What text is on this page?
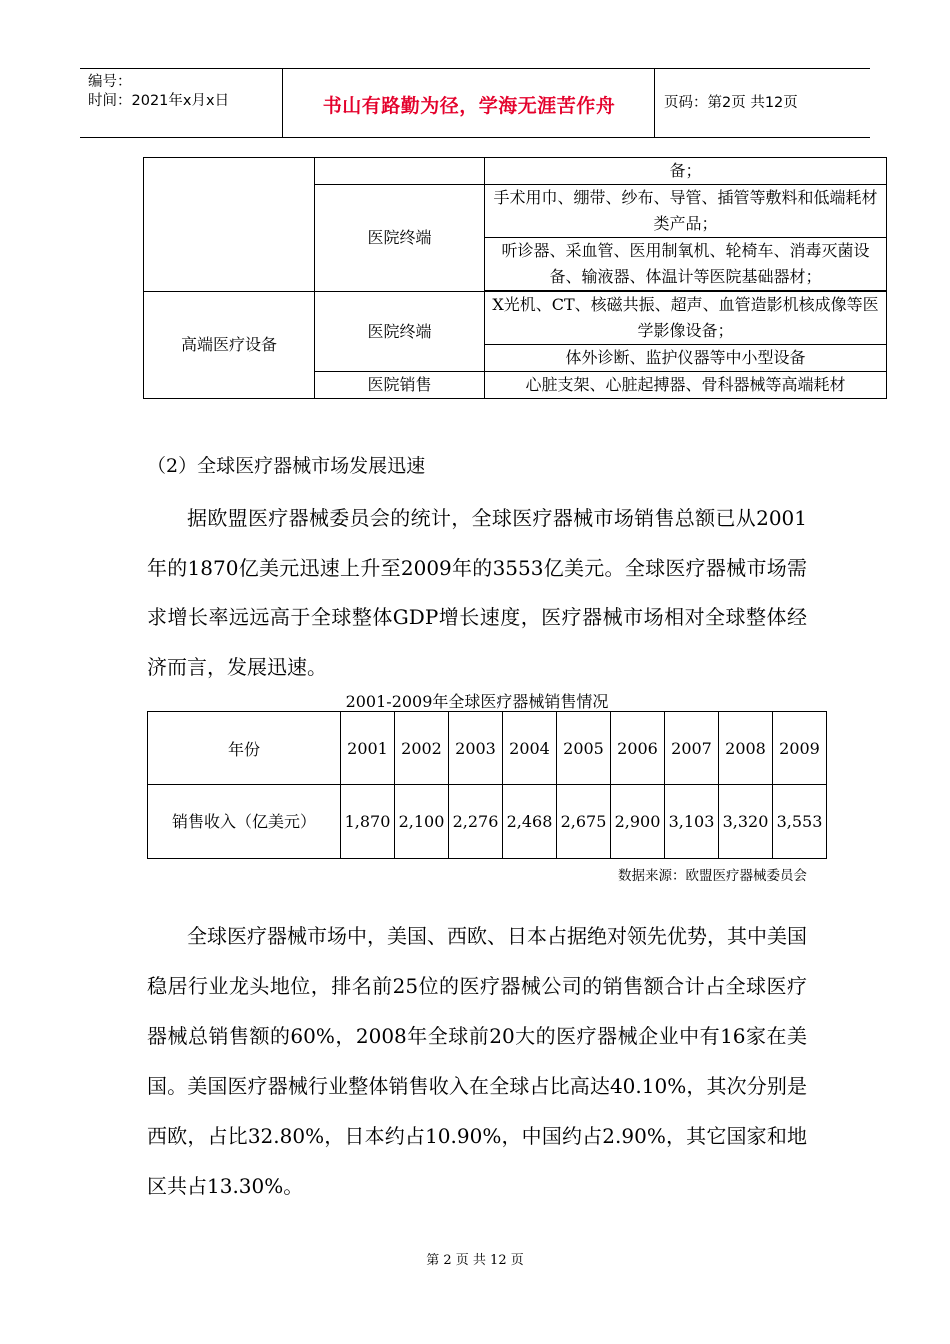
编号：
时间：2021年x月x日	书山有路勤为径，学海无涯苦作舟	页码：第2页 共12页
		备；
	医院终端	手术用巾、绷带、纱布、导管、插管等敷料和低端耗材类产品；
		听诊器、采血管、医用制氧机、轮椅车、消毒灭菌设备、输液器、体温计等医院基础器材；

高端医疗设备	医院终端	X光机、CT、核磁共振、超声、血管造影机核成像等医学影像设备；
		体外诊断、监护仪器等中小型设备
	医院销售	心脏支架、心脏起搏器、骨科器械等高端耗材
（2）全球医疗器械市场发展迅速

据欧盟医疗器械委员会的统计，全球医疗器械市场销售总额已从2001年的1870亿美元迅速上升至2009年的3553亿美元。全球医疗器械市场需求增长率远远高于全球整体GDP增长速度，医疗器械市场相对全球整体经济而言，发展迅速。

2001-2009年全球医疗器械销售情况
年份	2001	2002	2003	2004	2005	2006	2007	2008	2009
销售收入（亿美元）	1,870	2,100	2,276	2,468	2,675	2,900	3,103	3,320	3,553
数据来源：欧盟医疗器械委员会

全球医疗器械市场中，美国、西欧、日本占据绝对领先优势，其中美国稳居行业龙头地位，排名前25位的医疗器械公司的销售额合计占全球医疗器械总销售额的60%，2008年全球前20大的医疗器械企业中有16家在美国。美国医疗器械行业整体销售收入在全球占比高达40.10%，其次分别是西欧，占比32.80%，日本约占10.90%，中国约占2.90%，其它国家和地区共占13.30%。

第 2 页 共 12 页
